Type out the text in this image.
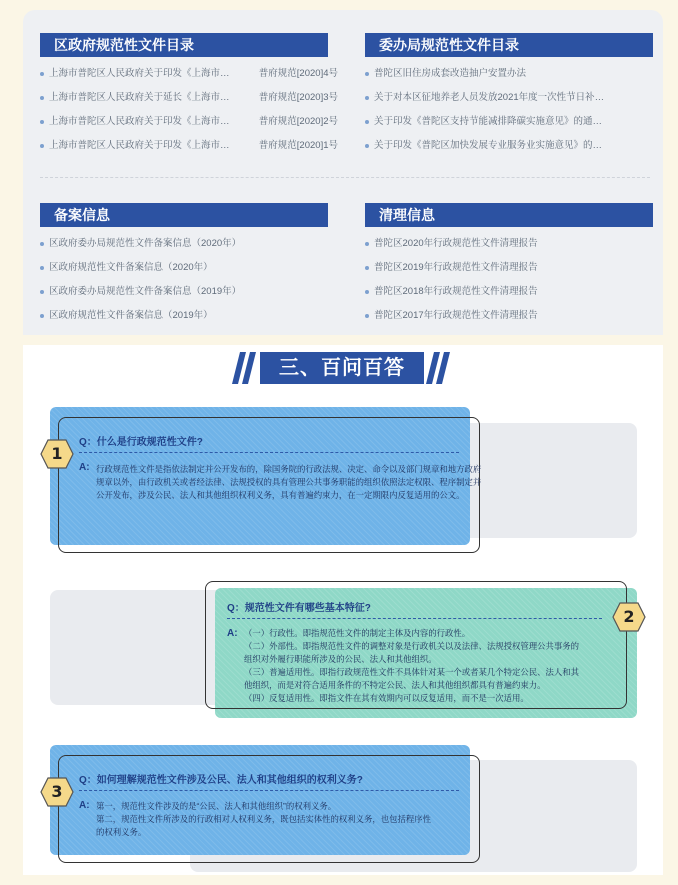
区政府规范性文件目录
上海市普陀区人民政府关于印发《上海市…	普府规范[2020]4号
上海市普陀区人民政府关于延长《上海市…	普府规范[2020]3号
上海市普陀区人民政府关于印发《上海市…	普府规范[2020]2号
上海市普陀区人民政府关于印发《上海市…	普府规范[2020]1号
委办局规范性文件目录
普陀区旧住房成套改造抽户安置办法
关于对本区征地养老人员发放2021年度一次性节日补…
关于印发《普陀区支持节能减排降碳实施意见》的通…
关于印发《普陀区加快发展专业服务业实施意见》的…
备案信息
区政府委办局规范性文件备案信息（2020年）
区政府规范性文件备案信息（2020年）
区政府委办局规范性文件备案信息（2019年）
区政府规范性文件备案信息（2019年）
清理信息
普陀区2020年行政规范性文件清理报告
普陀区2019年行政规范性文件清理报告
普陀区2018年行政规范性文件清理报告
普陀区2017年行政规范性文件清理报告
三、百问百答
1
Q：什么是行政规范性文件?
A: 行政规范性文件是指依法制定并公开发布的，除国务院的行政法规、决定、命令以及部门规章和地方政府

规章以外，由行政机关或者经法律、法规授权的具有管理公共事务职能的组织依照法定权限、程序制定并

公开发布，涉及公民、法人和其他组织权利义务，具有普遍约束力，在一定期限内反复适用的公文。

2
Q：规范性文件有哪些基本特征?
A: （一）行政性。即指规范性文件的制定主体及内容的行政性。

（二）外部性。即指规范性文件的调整对象是行政机关以及法律、法规授权管理公共事务的

组织对外履行职能所涉及的公民、法人和其他组织。

（三）普遍适用性。即指行政规范性文件不具体针对某一个或者某几个特定公民、法人和其

他组织，而是对符合适用条件的不特定公民、法人和其他组织都具有普遍约束力。

（四）反复适用性。即指文件在其有效期内可以反复适用，而不是一次适用。

3
Q：如何理解规范性文件涉及公民、法人和其他组织的权利义务?
A: 第一，规范性文件涉及的是“公民、法人和其他组织”的权利义务。

第二，规范性文件所涉及的行政相对人权利义务，既包括实体性的权利义务，也包括程序性

的权利义务。
